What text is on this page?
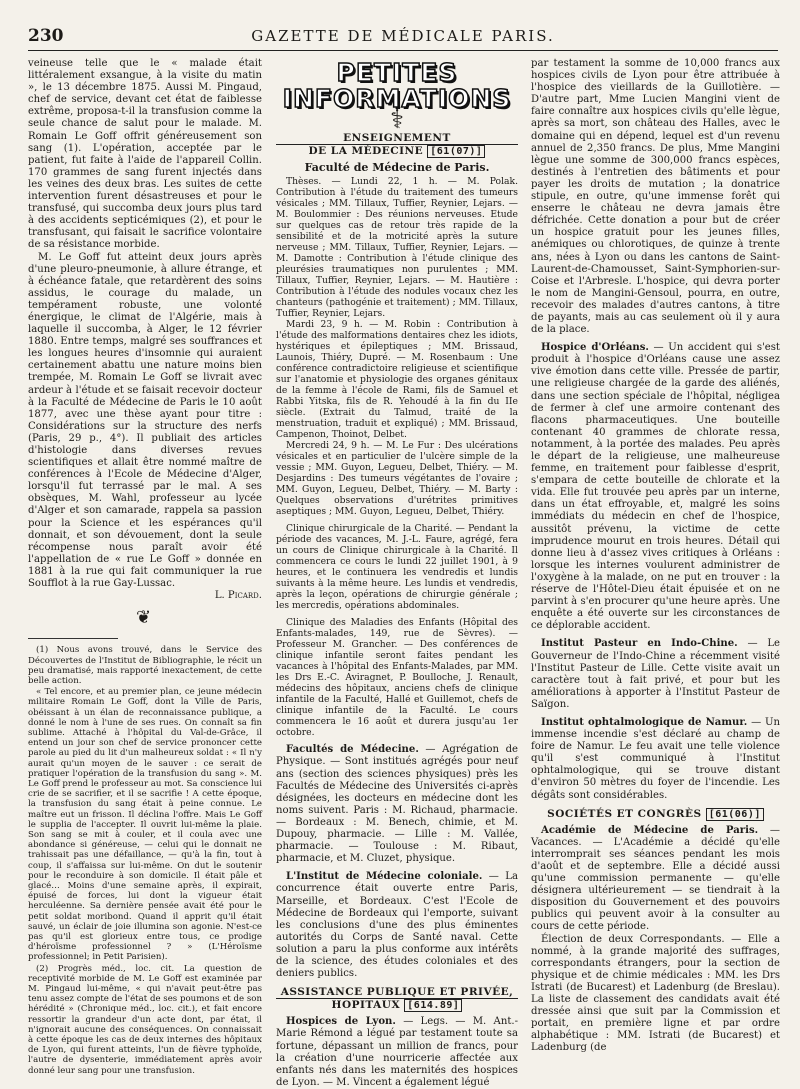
230	GAZETTE DE MÉDICALE PARIS.

veineuse telle que le « malade était littéralement exsangue, à la visite du matin », le 13 décembre 1875. Aussi M. Pingaud, chef de service, devant cet état de faiblesse extrême, proposa-t-il la transfusion comme la seule chance de salut pour le malade. M. Romain Le Goff offrit généreusement son sang (1). L'opération, acceptée par le patient, fut faite à l'aide de l'appareil Collin. 170 grammes de sang furent injectés dans les veines des deux bras. Les suites de cette intervention furent désastreuses et pour le transfusé, qui succomba deux jours plus tard à des accidents septicémiques (2), et pour le transfusant, qui faisait le sacrifice volontaire de sa résistance morbide.

M. Le Goff fut atteint deux jours après d'une pleuro-pneumonie, à allure étrange, et à échéance fatale, que retardèrent des soins assidus, le courage du malade, un tempérament robuste, une volonté énergique, le climat de l'Algérie, mais à laquelle il succomba, à Alger, le 12 février 1880. Entre temps, malgré ses souffrances et les longues heures d'insomnie qui auraient certainement abattu une nature moins bien trempée, M. Romain Le Goff se livrait avec ardeur à l'étude et se faisait recevoir docteur à la Faculté de Médecine de Paris le 10 août 1877, avec une thèse ayant pour titre : Considérations sur la structure des nerfs (Paris, 29 p., 4°). Il publiait des articles d'histologie dans diverses revues scientifiques et allait être nommé maître de conférences à l'Ecole de Médecine d'Alger, lorsqu'il fut terrassé par le mal. A ses obsèques, M. Wahl, professeur au lycée d'Alger et son camarade, rappela sa passion pour la Science et les espérances qu'il donnait, et son dévouement, dont la seule récompense nous paraît avoir été l'appellation de « rue Le Goff » donnée en 1881 à la rue qui fait communiquer la rue Soufflot à la rue Gay-Lussac.

L. Picard.
❦

(1) Nous avons trouvé, dans le Service des Découvertes de l'Institut de Bibliographie, le récit un peu dramatisé, mais rapporté inexactement, de cette belle action.

« Tel encore, et au premier plan, ce jeune médecin militaire Romain Le Goff, dont la Ville de Paris, obéissant à un élan de reconnaissance publique, a donné le nom à l'une de ses rues. On connaît sa fin sublime. Attaché à l'hôpital du Val-de-Grâce, il entend un jour son chef de service prononcer cette parole au pied du lit d'un malheureux soldat : « Il n'y aurait qu'un moyen de le sauver : ce serait de pratiquer l'opération de la transfusion du sang ». M. Le Goff prend le professeur au mot. Sa conscience lui crie de se sacrifier, et il se sacrifie ! A cette époque, la transfusion du sang était à peine connue. Le maître eut un frisson. Il déclina l'offre. Mais Le Goff le supplia de l'accepter. Il ouvrit lui-même la plaie. Son sang se mit à couler, et il coula avec une abondance si généreuse, — celui qui le donnait ne trahissait pas une défaillance, — qu'à la fin, tout à coup, il s'affaissa sur lui-même. On dut le soutenir pour le reconduire à son domicile. Il était pâle et glacé… Moins d'une semaine après, il expirait, épuisé de forces, lui dont la vigueur était herculéenne. Sa dernière pensée avait été pour le petit soldat moribond. Quand il apprit qu'il était sauvé, un éclair de joie illumina son agonie. N'est-ce pas qu'il est glorieux entre tous, ce prodige d'héroïsme professionnel ? » (L'Héroïsme professionnel; in Petit Parisien).

(2) Progrès méd., loc. cit. La question de receptivité morbide de M. Le Goff est examinée par M. Pingaud lui-même, « qui n'avait peut-être pas tenu assez compte de l'état de ses poumons et de son hérédité » (Chronique méd., loc. cit.), et fait encore ressortir la grandeur d'un acte dont, par état, il n'ignorait aucune des conséquences. On connaissait à cette époque les cas de deux internes des hôpitaux de Lyon, qui furent atteints, l'un de fièvre typhoïde, l'autre de dysenterie, immédiatement après avoir donné leur sang pour une transfusion.

PETITES
INFORMATIONS
⚕
ENSEIGNEMENT
DE LA MÉDECINE [61(07)]
Faculté de Médecine de Paris.

Thèses. — Lundi 22, 1 h. — M. Polak. Contribution à l'étude du traitement des tumeurs vésicales ; MM. Tillaux, Tuffier, Reynier, Lejars. — M. Boulommier : Des réunions nerveuses. Etude sur quelques cas de retour très rapide de la sensibilité et de la motricité après la suture nerveuse ; MM. Tillaux, Tuffier, Reynier, Lejars. — M. Damotte : Contribution à l'étude clinique des pleurésies traumatiques non purulentes ; MM. Tillaux, Tuffier, Reynier, Lejars. — M. Hautière : Contribution à l'étude des nodules vocaux chez les chanteurs (pathogénie et traitement) ; MM. Tillaux, Tuffier, Reynier, Lejars.

Mardi 23, 9 h. — M. Robin : Contribution à l'étude des malformations dentaires chez les idiots, hystériques et épileptiques ; MM. Brissaud, Launois, Thiéry, Dupré. — M. Rosenbaum : Une conférence contradictoire religieuse et scientifique sur l'anatomie et physiologie des organes génitaux de la femme à l'école de Rami, fils de Samuel et Rabbi Yitska, fils de R. Yehoudé à la fin du IIe siècle. (Extrait du Talmud, traité de la menstruation, traduit et expliqué) ; MM. Brissaud, Campenon, Thoinot, Delbet.

Mercredi 24, 9 h. — M. Le Fur : Des ulcérations vésicales et en particulier de l'ulcère simple de la vessie ; MM. Guyon, Legueu, Delbet, Thiéry. — M. Desjardins : Des tumeurs végétantes de l'ovaire ; MM. Guyon, Legueu, Delbet, Thiéry. — M. Barty : Quelques observations d'urétrites primitives aseptiques ; MM. Guyon, Legueu, Delbet, Thiéry.

Clinique chirurgicale de la Charité. — Pendant la période des vacances, M. J.-L. Faure, agrégé, fera un cours de Clinique chirurgicale à la Charité. Il commencera ce cours le lundi 22 juillet 1901, à 9 heures, et le continuera les vendredis et lundis suivants à la même heure. Les lundis et vendredis, après la leçon, opérations de chirurgie générale ; les mercredis, opérations abdominales.

Clinique des Maladies des Enfants (Hôpital des Enfants-malades, 149, rue de Sèvres). — Professeur M. Grancher. — Des conférences de clinique infantile seront faites pendant les vacances à l'hôpital des Enfants-Malades, par MM. les Drs E.-C. Aviragnet, P. Boulloche, J. Renault, médecins des hôpitaux, anciens chefs de clinique infantile de la Faculté, Hallé et Guillemot, chefs de clinique infantile de la Faculté. Le cours commencera le 16 août et durera jusqu'au 1er octobre.

Facultés de Médecine. — Agrégation de Physique. — Sont institués agrégés pour neuf ans (section des sciences physiques) près les Facultés de Médecine des Universités ci-après désignées, les docteurs en médecine dont les noms suivent. Paris : M. Richaud, pharmacie. — Bordeaux : M. Benech, chimie, et M. Dupouy, pharmacie. — Lille : M. Vallée, pharmacie. — Toulouse : M. Ribaut, pharmacie, et M. Cluzet, physique.

L'Institut de Médecine coloniale. — La concurrence était ouverte entre Paris, Marseille, et Bordeaux. C'est l'Ecole de Médecine de Bordeaux qui l'emporte, suivant les conclusions d'une des plus éminentes autorités du Corps de Santé naval. Cette solution a paru la plus conforme aux intérêts de la science, des études coloniales et des deniers publics.

ASSISTANCE PUBLIQUE ET PRIVÉE,
HOPITAUX [614.89]

Hospices de Lyon. — Legs. — M. Ant.-Marie Rémond a légué par testament toute sa fortune, dépassant un million de francs, pour la création d'une nourricerie affectée aux enfants nés dans les maternités des hospices de Lyon. — M. Vincent a également légué

par testament la somme de 10,000 francs aux hospices civils de Lyon pour être attribuée à l'hospice des vieillards de la Guillotière. — D'autre part, Mme Lucien Mangini vient de faire connaître aux hospices civils qu'elle lègue, après sa mort, son château des Halles, avec le domaine qui en dépend, lequel est d'un revenu annuel de 2,350 francs. De plus, Mme Mangini lègue une somme de 300,000 francs espèces, destinés à l'entretien des bâtiments et pour payer les droits de mutation ; la donatrice stipule, en outre, qu'une immense forêt qui enserre le château ne devra jamais être défrichée. Cette donation a pour but de créer un hospice gratuit pour les jeunes filles, anémiques ou chlorotiques, de quinze à trente ans, nées à Lyon ou dans les cantons de Saint-Laurent-de-Chamousset, Saint-Symphorien-sur-Coise et l'Arbresle. L'hospice, qui devra porter le nom de Mangini-Gensoul, pourra, en outre, recevoir des malades d'autres cantons, à titre de payants, mais au cas seulement où il y aura de la place.

Hospice d'Orléans. — Un accident qui s'est produit à l'hospice d'Orléans cause une assez vive émotion dans cette ville. Pressée de partir, une religieuse chargée de la garde des aliénés, dans une section spéciale de l'hôpital, négligea de fermer à clef une armoire contenant des flacons pharmaceutiques. Une bouteille contenant 40 grammes de chlorate ressa, notamment, à la portée des malades. Peu après le départ de la religieuse, une malheureuse femme, en traitement pour faiblesse d'esprit, s'empara de cette bouteille de chlorate et la vida. Elle fut trouvée peu après par un interne, dans un état effroyable, et, malgré les soins immédiats du médecin en chef de l'hospice, aussitôt prévenu, la victime de cette imprudence mourut en trois heures. Détail qui donne lieu à d'assez vives critiques à Orléans : lorsque les internes voulurent administrer de l'oxygène à la malade, on ne put en trouver : la réserve de l'Hôtel-Dieu était épuisée et on ne parvint à s'en procurer qu'une heure après. Une enquête a été ouverte sur les circonstances de ce déplorable accident.

Institut Pasteur en Indo-Chine. — Le Gouverneur de l'Indo-Chine a récemment visité l'Institut Pasteur de Lille. Cette visite avait un caractère tout à fait privé, et pour but les améliorations à apporter à l'Institut Pasteur de Saïgon.

Institut ophtalmologique de Namur. — Un immense incendie s'est déclaré au champ de foire de Namur. Le feu avait une telle violence qu'il s'est communiqué à l'Institut ophtalmologique, qui se trouve distant d'environ 50 mètres du foyer de l'incendie. Les dégâts sont considérables.

SOCIÉTÉS ET CONGRÈS [61(06)]

Académie de Médecine de Paris. — Vacances. — L'Académie a décidé qu'elle interromprait ses séances pendant les mois d'août et de septembre. Elle a décidé aussi qu'une commission permanente — qu'elle désignera ultérieurement — se tiendrait à la disposition du Gouvernement et des pouvoirs publics qui peuvent avoir à la consulter au cours de cette période.

Élection de deux Correspondants. — Elle a nommé, à la grande majorité des suffrages, correspondants étrangers, pour la section de physique et de chimie médicales : MM. les Drs Istrati (de Bucarest) et Ladenburg (de Breslau). La liste de classement des candidats avait été dressée ainsi que suit par la Commission et portait, en première ligne et par ordre alphabétique : MM. Istrati (de Bucarest) et Ladenburg (de
